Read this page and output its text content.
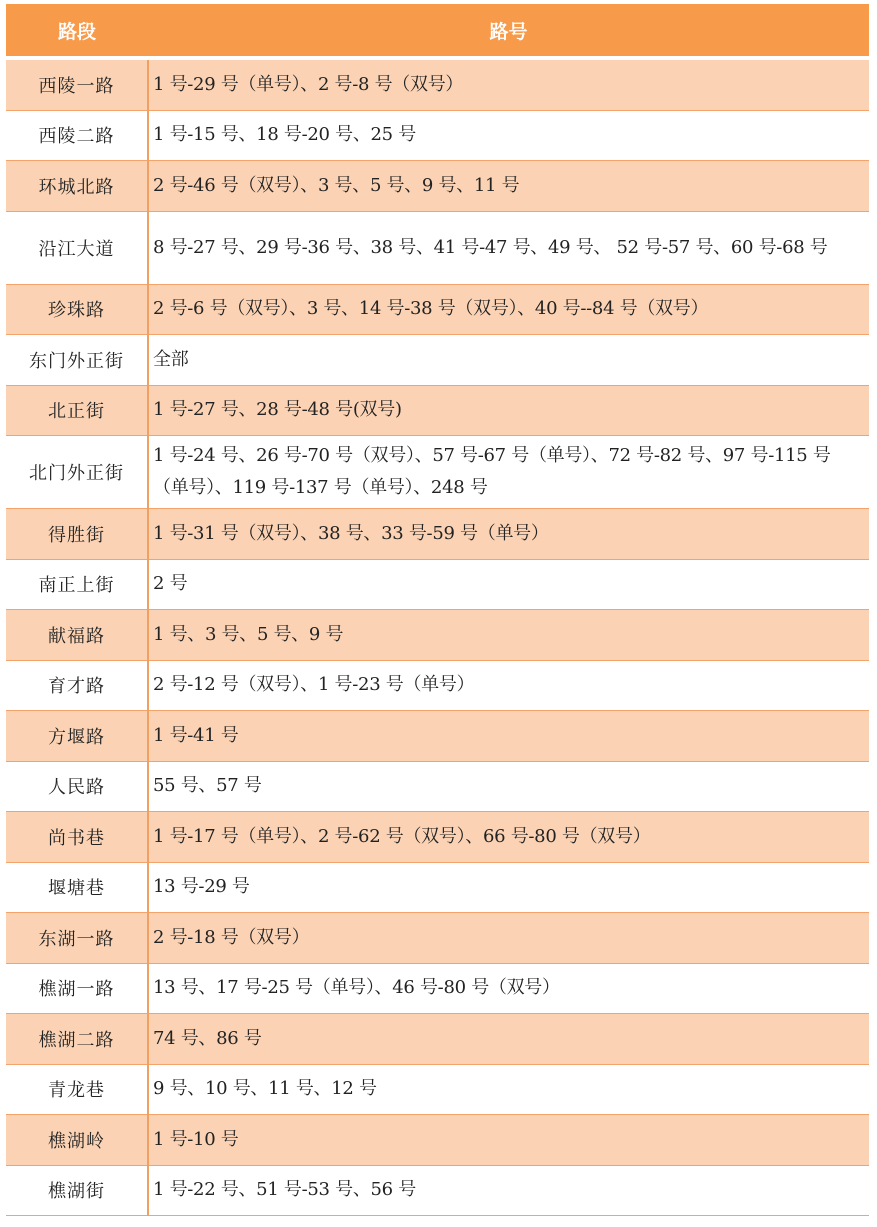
路段	路号
西陵一路	1 号-29 号（单号）、2 号-8 号（双号）
西陵二路	1 号-15 号、18 号-20 号、25 号
环城北路	2 号-46 号（双号）、3 号、5 号、9 号、11 号
沿江大道	8 号-27 号、29 号-36 号、38 号、41 号-47 号、49 号、 52 号-57 号、60 号-68 号
珍珠路	2 号-6 号（双号）、3 号、14 号-38 号（双号）、40 号--84 号（双号）
东门外正街	全部
北正街	1 号-27 号、28 号-48 号(双号)
北门外正街	1 号-24 号、26 号-70 号（双号）、57 号-67 号（单号）、72 号-82 号、97 号-115 号（单号）、119 号-137 号（单号）、248 号
得胜街	1 号-31 号（双号）、38 号、33 号-59 号（单号）
南正上街	2 号
献福路	1 号、3 号、5 号、9 号
育才路	2 号-12 号（双号）、1 号-23 号（单号）
方堰路	1 号-41 号
人民路	55 号、57 号
尚书巷	1 号-17 号（单号）、2 号-62 号（双号）、66 号-80 号（双号）
堰塘巷	13 号-29 号
东湖一路	2 号-18 号（双号）
樵湖一路	13 号、17 号-25 号（单号）、46 号-80 号（双号）
樵湖二路	74 号、86 号
青龙巷	9 号、10 号、11 号、12 号
樵湖岭	1 号-10 号
樵湖街	1 号-22 号、51 号-53 号、56 号
